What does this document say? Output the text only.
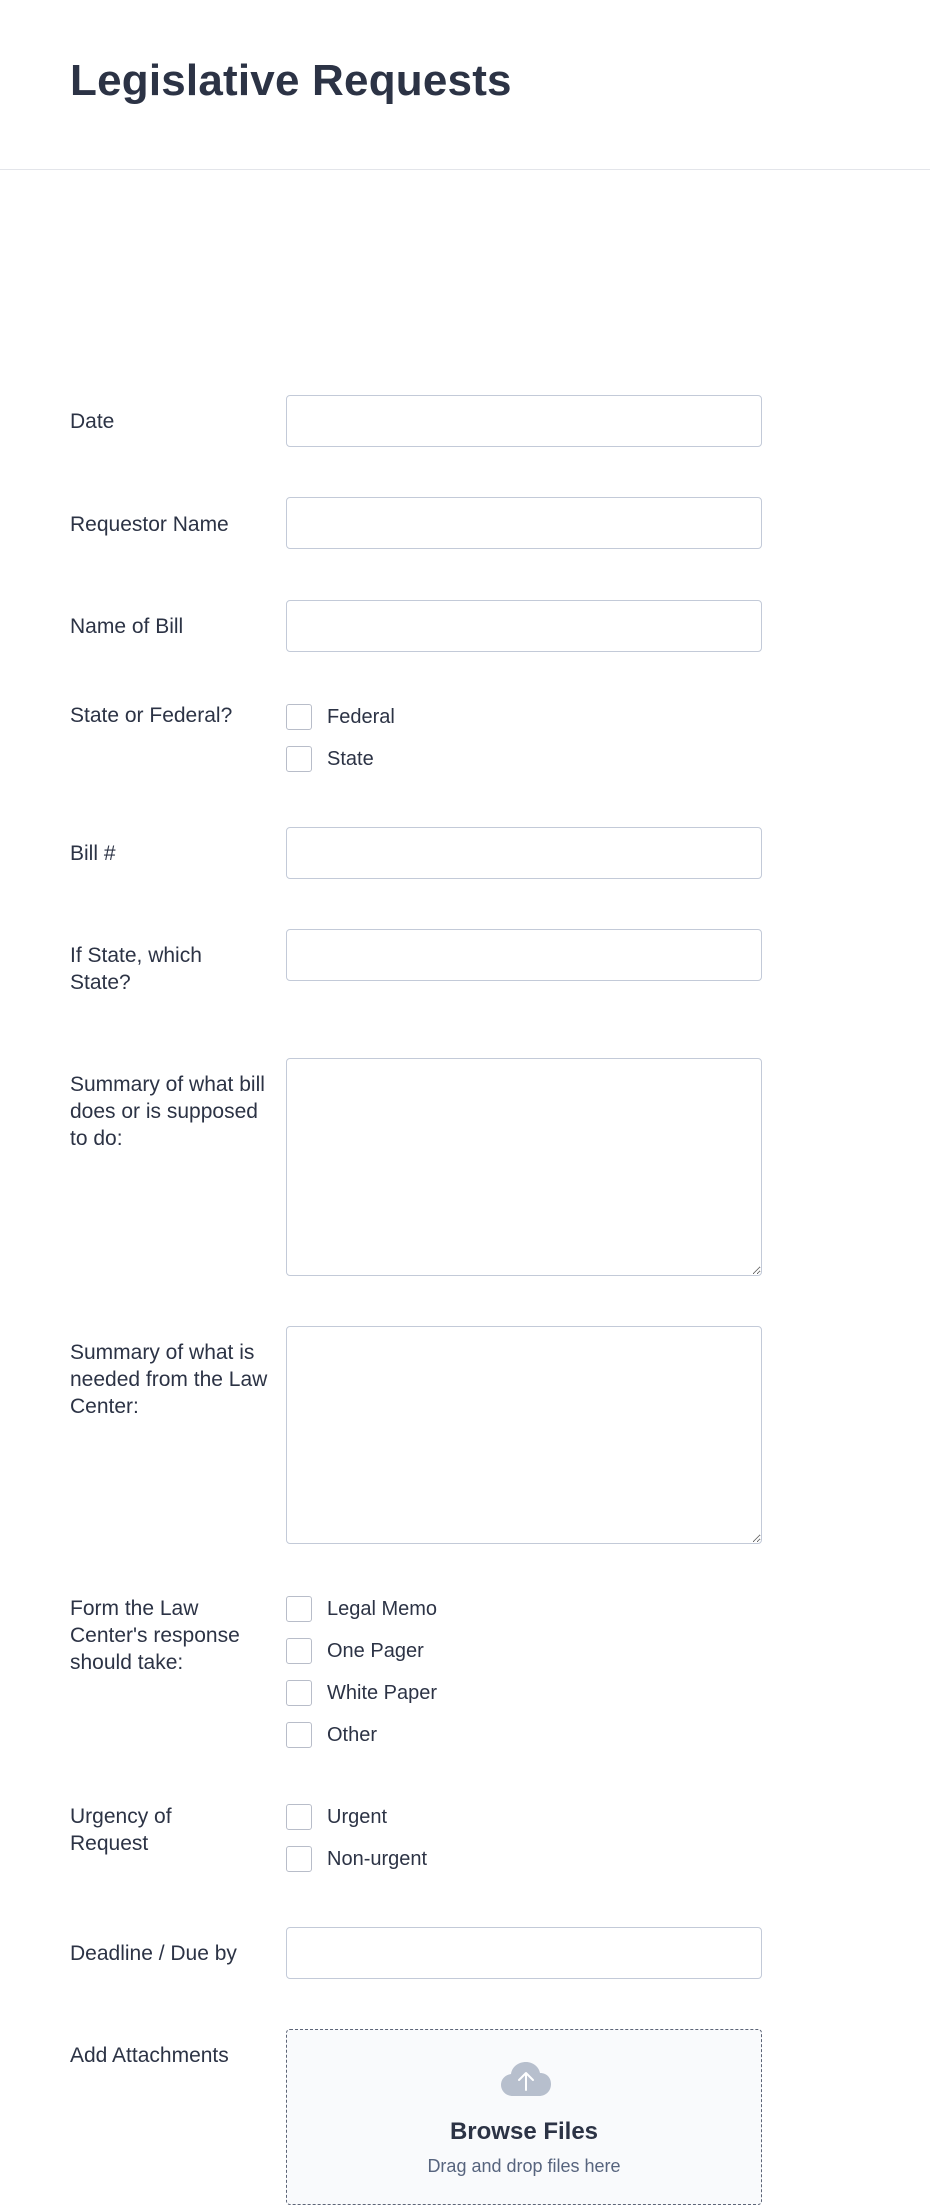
Legislative Requests
Date
Requestor Name
Name of Bill
State or Federal?	Federal
State
Bill #
If State, which State?
Summary of what bill does or is supposed to do:
Summary of what is needed from the Law Center:
Form the Law Center's response should take:
Legal Memo
One Pager
White Paper
Other
Urgency of Request
Urgent
Non-urgent
Deadline / Due by
Add Attachments
Browse Files
Drag and drop files here
